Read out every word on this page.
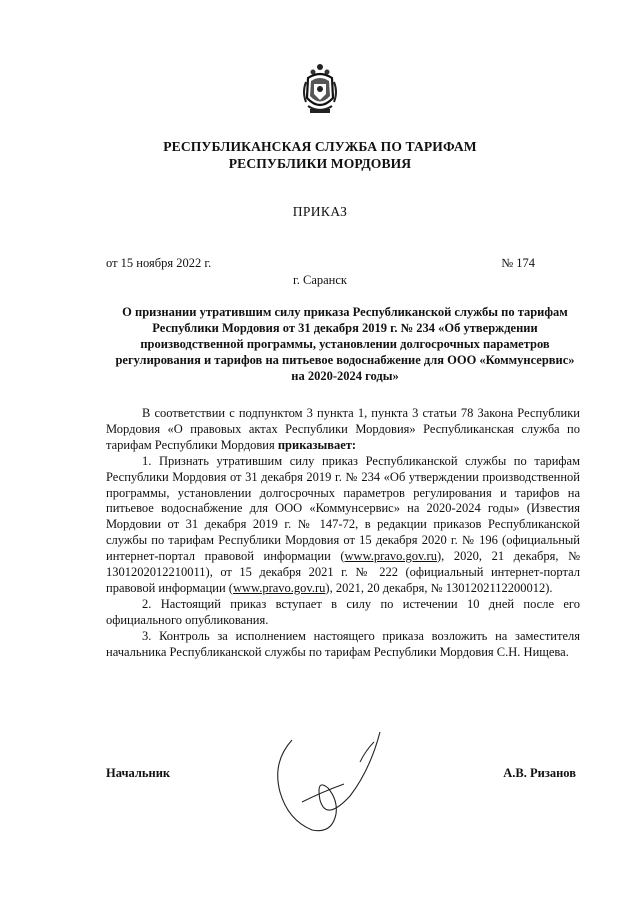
РЕСПУБЛИКАНСКАЯ СЛУЖБА ПО ТАРИФАМ
РЕСПУБЛИКИ МОРДОВИЯ
ПРИКАЗ
от 15 ноября 2022 г.	№ 174
г. Саранск
О признании утратившим силу приказа Республиканской службы по тарифам Республики Мордовия от 31 декабря 2019 г. № 234 «Об утверждении производственной программы, установлении долгосрочных параметров регулирования и тарифов на питьевое водоснабжение для ООО «Коммунсервис» на 2020-2024 годы»

В соответствии с подпунктом 3 пункта 1, пункта 3 статьи 78 Закона Республики Мордовия «О правовых актах Республики Мордовия» Республиканская служба по тарифам Республики Мордовия приказывает:

1. Признать утратившим силу приказ Республиканской службы по тарифам Республики Мордовия от 31 декабря 2019 г. № 234 «Об утверждении производственной программы, установлении долгосрочных параметров регулирования и тарифов на питьевое водоснабжение для ООО «Коммунсервис» на 2020-2024 годы» (Известия Мордовии от 31 декабря 2019 г. № 147-72, в редакции приказов Республиканской службы по тарифам Республики Мордовия от 15 декабря 2020 г. № 196 (официальный интернет-портал правовой информации (www.pravo.gov.ru), 2020, 21 декабря, № 1301202012210011), от 15 декабря 2021 г. № 222 (официальный интернет-портал правовой информации (www.pravo.gov.ru), 2021, 20 декабря, № 1301202112200012).

2. Настоящий приказ вступает в силу по истечении 10 дней после его официального опубликования.

3. Контроль за исполнением настоящего приказа возложить на заместителя начальника Республиканской службы по тарифам Республики Мордовия С.Н. Нищева.

Начальник	А.В. Ризанов
